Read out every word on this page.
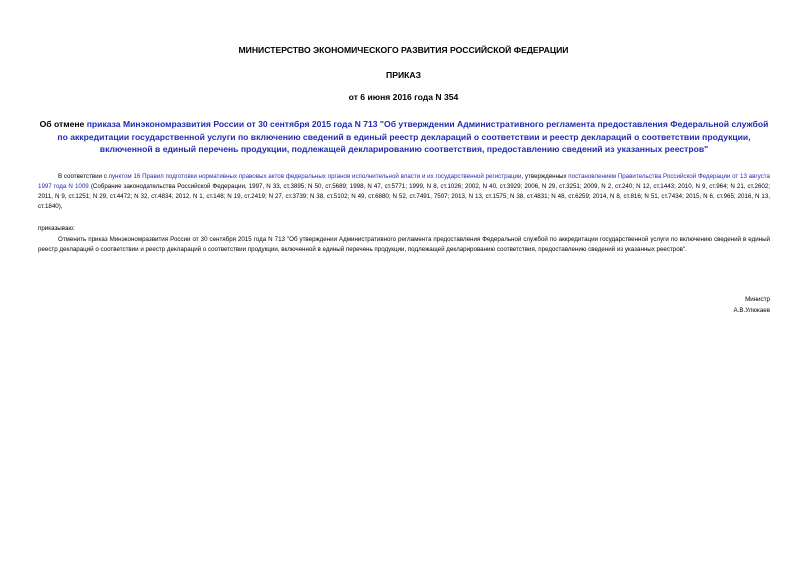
МИНИСТЕРСТВО ЭКОНОМИЧЕСКОГО РАЗВИТИЯ РОССИЙСКОЙ ФЕДЕРАЦИИ
ПРИКАЗ
от 6 июня 2016 года N 354
Об отмене приказа Минэкономразвития России от 30 сентября 2015 года N 713 "Об утверждении Административного регламента предоставления Федеральной службой по аккредитации государственной услуги по включению сведений в единый реестр деклараций о соответствии и реестр деклараций о соответствии продукции, включенной в единый перечень продукции, подлежащей декларированию соответствия, предоставлению сведений из указанных реестров"
В соответствии с пунктом 16 Правил подготовки нормативных правовых актов федеральных органов исполнительной власти и их государственной регистрации, утвержденных постановлением Правительства Российской Федерации от 13 августа 1997 года N 1009 (Собрание законодательства Российской Федерации, 1997, N 33, ст.3895; N 50, ст.5689; 1998, N 47, ст.5771; 1999, N 8, ст.1026; 2002, N 40, ст.3929; 2006, N 29, ст.3251; 2009, N 2, ст.240; N 12, ст.1443; 2010, N 9, ст.964; N 21, ст.2602; 2011, N 9, ст.1251; N 29, ст.4472; N 32, ст.4834; 2012, N 1, ст.148; N 19, ст.2419; N 27, ст.3739; N 38, ст.5102; N 49, ст.6880; N 52, ст.7491, 7507; 2013, N 13, ст.1575; N 38, ст.4831; N 48, ст.6259; 2014, N 8, ст.816; N 51, ст.7434; 2015, N 6, ст.965; 2016, N 13, ст.1840),
приказываю:
Отменить приказ Минэкономразвития России от 30 сентября 2015 года N 713 "Об утверждении Административного регламента предоставления Федеральной службой по аккредитации государственной услуги по включению сведений в единый реестр деклараций о соответствии и реестр деклараций о соответствии продукции, включенной в единый перечень продукции, подлежащей декларированию соответствия, предоставлению сведений из указанных реестров".
Министр
А.В.Улюкаев
